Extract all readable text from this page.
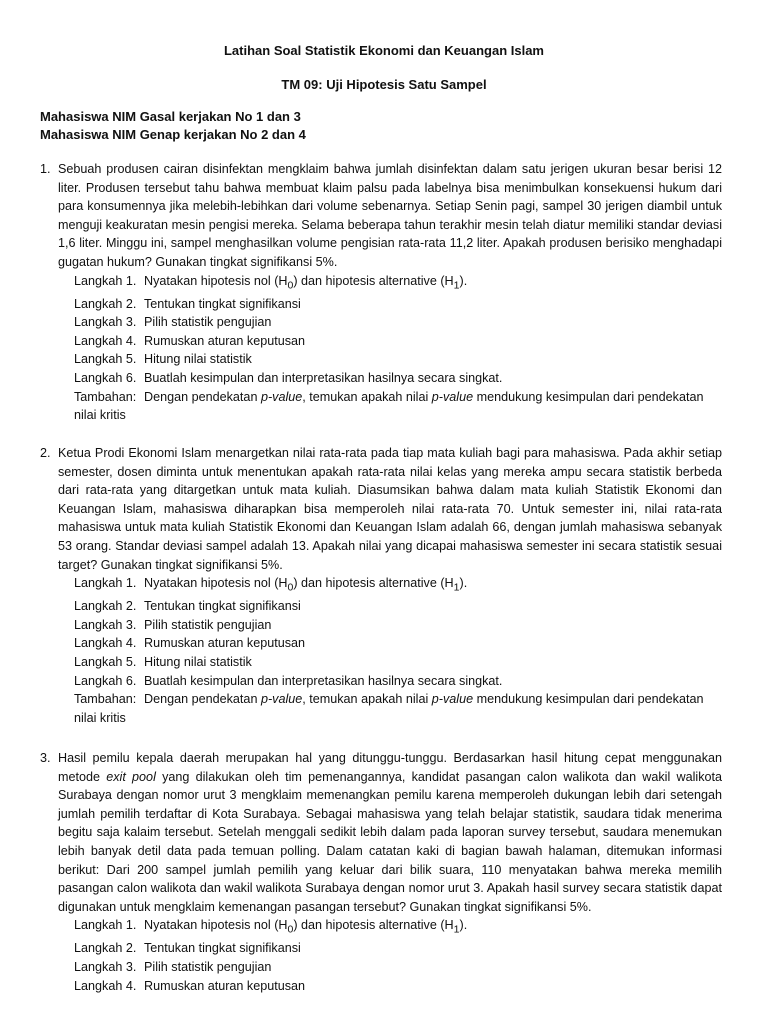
Latihan Soal Statistik Ekonomi dan Keuangan Islam
TM 09: Uji Hipotesis Satu Sampel
Mahasiswa NIM Gasal kerjakan No 1 dan 3
Mahasiswa NIM Genap kerjakan No 2 dan 4
1. Sebuah produsen cairan disinfektan mengklaim bahwa jumlah disinfektan dalam satu jerigen ukuran besar berisi 12 liter. Produsen tersebut tahu bahwa membuat klaim palsu pada labelnya bisa menimbulkan konsekuensi hukum dari para konsumennya jika melebih-lebihkan dari volume sebenarnya. Setiap Senin pagi, sampel 30 jerigen diambil untuk menguji keakuratan mesin pengisi mereka. Selama beberapa tahun terakhir mesin telah diatur memiliki standar deviasi 1,6 liter. Minggu ini, sampel menghasilkan volume pengisian rata-rata 11,2 liter. Apakah produsen berisiko menghadapi gugatan hukum? Gunakan tingkat signifikansi 5%.
Langkah 1. Nyatakan hipotesis nol $(H_0)$ dan hipotesis alternative $(H_1)$.
Langkah 2. Tentukan tingkat signifikansi
Langkah 3. Pilih statistik pengujian
Langkah 4. Rumuskan aturan keputusan
Langkah 5. Hitung nilai statistik
Langkah 6. Buatlah kesimpulan dan interpretasikan hasilnya secara singkat.
Tambahan: Dengan pendekatan p-value, temukan apakah nilai p-value mendukung kesimpulan dari pendekatan
nilai kritis
2. Ketua Prodi Ekonomi Islam menargetkan nilai rata-rata pada tiap mata kuliah bagi para mahasiswa. Pada akhir setiap semester, dosen diminta untuk menentukan apakah rata-rata nilai kelas yang mereka ampu secara statistik berbeda dari rata-rata yang ditargetkan untuk mata kuliah. Diasumsikan bahwa dalam mata kuliah Statistik Ekonomi dan Keuangan Islam, mahasiswa diharapkan bisa memperoleh nilai rata-rata 70. Untuk semester ini, nilai rata-rata mahasiswa untuk mata kuliah Statistik Ekonomi dan Keuangan Islam adalah 66, dengan jumlah mahasiswa sebanyak 53 orang. Standar deviasi sampel adalah 13. Apakah nilai yang dicapai mahasiswa semester ini secara statistik sesuai target? Gunakan tingkat signifikansi 5%.
Langkah 1. Nyatakan hipotesis nol $(H_0)$ dan hipotesis alternative $(H_1)$.
Langkah 2. Tentukan tingkat signifikansi
Langkah 3. Pilih statistik pengujian
Langkah 4. Rumuskan aturan keputusan
Langkah 5. Hitung nilai statistik
Langkah 6. Buatlah kesimpulan dan interpretasikan hasilnya secara singkat.
Tambahan: Dengan pendekatan p-value, temukan apakah nilai p-value mendukung kesimpulan dari pendekatan
nilai kritis
3. Hasil pemilu kepala daerah merupakan hal yang ditunggu-tunggu. Berdasarkan hasil hitung cepat menggunakan metode exit pool yang dilakukan oleh tim pemenangannya, kandidat pasangan calon walikota dan wakil walikota Surabaya dengan nomor urut 3 mengklaim memenangkan pemilu karena memperoleh dukungan lebih dari setengah jumlah pemilih terdaftar di Kota Surabaya. Sebagai mahasiswa yang telah belajar statistik, saudara tidak menerima begitu saja kalaim tersebut. Setelah menggali sedikit lebih dalam pada laporan survey tersebut, saudara menemukan lebih banyak detil data pada temuan polling. Dalam catatan kaki di bagian bawah halaman, ditemukan informasi berikut: Dari 200 sampel jumlah pemilih yang keluar dari bilik suara, 110 menyatakan bahwa mereka memilih pasangan calon walikota dan wakil walikota Surabaya dengan nomor urut 3. Apakah hasil survey secara statistik dapat digunakan untuk mengklaim kemenangan pasangan tersebut? Gunakan tingkat signifikansi 5%.
Langkah 1. Nyatakan hipotesis nol $(H_0)$ dan hipotesis alternative $(H_1)$.
Langkah 2. Tentukan tingkat signifikansi
Langkah 3. Pilih statistik pengujian
Langkah 4. Rumuskan aturan keputusan
